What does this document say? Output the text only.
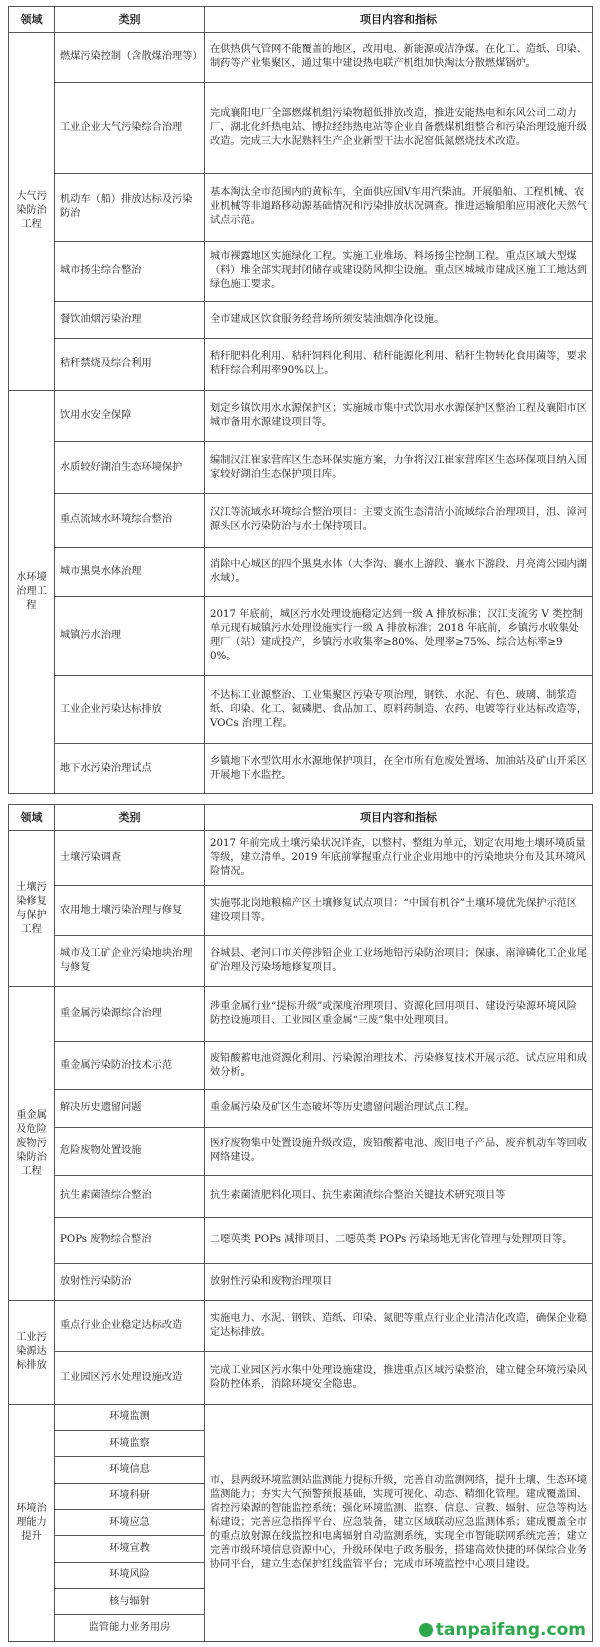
领域	类别	项目内容和指标
大气污染防治工程	燃煤污染控制（含散煤治理等）	在供热供气管网不能覆盖的地区，改用电、新能源或洁净煤。在化工、造纸、印染、制药等产业集聚区，通过集中建设热电联产机组加快淘汰分散燃煤锅炉。
	工业企业大气污染综合治理	完成襄阳电厂全部燃煤机组污染物超低排放改造，推进安能热电和东风公司二动力厂、湖北化纤热电站、博拉经纬热电站等企业自备燃煤机组整合和污染治理设施升级改造。完成三大水泥熟料生产企业新型干法水泥窑低氮燃烧技术改造。
	机动车（船）排放达标及污染防治	基本淘汰全市范围内的黄标车，全面供应国Ⅴ车用汽柴油。开展船舶、工程机械、农业机械等非道路移动源基础情况和污染排放状况调查。推进运输船舶应用液化天然气试点示范。
	城市扬尘综合整治	城市裸露地区实施绿化工程。实施工业堆场、料场扬尘控制工程。重点区域大型煤（料）堆全部实现封闭储存或建设防风抑尘设施。重点区城城市建成区施工工地达到绿色施工要求。
	餐饮油烟污染治理	全市建成区饮食服务经营场所须安装油烟净化设施。
	秸秆禁烧及综合利用	秸秆肥料化利用、秸秆饲料化利用、秸秆能源化利用、秸秆生物转化食用菌等，要求秸秆综合利用率90%以上。
水环境治理工程	饮用水安全保障	划定乡镇饮用水水源保护区；实施城市集中式饮用水水源保护区整治工程及襄阳市区城市备用水源建设项目等。
	水质较好湖泊生态环境保护	编制汉江崔家营库区生态环保实施方案，力争将汉江崔家营库区生态环保项目纳入国家较好湖泊生态保护项目库。
	重点流域水环境综合整治	汉江等流域水环境综合整治项目：主要支流生态清洁小流域综合治理项目，沮、漳河源头区水污染防治与水土保持项目。
	城市黑臭水体治理	消除中心城区的四个黑臭水体（大李沟、襄水上游段、襄水下游段、月亮湾公园内湖水域）。
	城镇污水治理	2017 年底前，城区污水处理设施稳定达到一级 A 排放标准；汉江支流劣 V 类控制单元现有城镇污水处理设施实行一级 A 排放标准；2018 年底前，乡镇污水收集处理厂（站）建成投产，乡镇污水收集率≥80%、处理率≥75%、综合达标率≥90%。
	工业企业污染达标排放	不达标工业源整治、工业集聚区污染专项治理，钢铁、水泥、有色、玻璃、制浆造纸、印染、化工、氮磷肥、食品加工、原料药制造、农药、电镀等行业达标改造等，VOCs 治理工程。
	地下水污染治理试点	乡镇地下水型饮用水水源地保护项目，在全市所有危废处置场、加油站及矿山开采区开展地下水监控。
领域	类别	项目内容和指标
土壤污染修复与保护工程	土壤污染调查	2017 年前完成土壤污染状况详查，以整村、整组为单元，划定农用地土壤环境质量等级，建立清单。2019 年底前掌握重点行业企业用地中的污染地块分布及其环境风险情况。
	农用地土壤污染治理与修复	实施鄂北岗地粮棉产区土壤修复试点项目：“中国有机谷”土壤环境优先保护示范区建设项目等。
	城市及工矿企业污染地块治理与修复	谷城县、老河口市关停涉铅企业工业场地铅污染防治项目；保康、南漳磷化工企业尾矿治理及污染场地修复项目。
重金属及危险废物污染防治工程	重金属污染源综合治理	涉重金属行业“提标升级”或深度治理项目、资源化回用项目、建设污染源环境风险防控设施项目、工业园区重金属“三废”集中处理项目。
	重金属污染防治技术示范	废铅酸蓄电池资源化利用、污染源治理技术、污染修复技术开展示范、试点应用和成效分析。
	解决历史遗留问题	重金属污染及矿区生态破坏等历史遗留问题治理试点工程。
	危险废物处置设施	医疗废物集中处置设施升级改造，废铅酸蓄电池、废旧电子产品、废弃机动车等回收网络建设。
	抗生素菌渣综合整治	抗生素菌渣肥料化项目、抗生素菌渣综合整治关键技术研究项目等
	POPs 废物综合整治	二噁英类 POPs 减排项目、二噁英类 POPs 污染场地无害化管理与处理项目等。
	放射性污染防治	放射性污染和废物治理项目
工业污染源达标排放	重点行业企业稳定达标改造	实施电力、水泥、钢铁、造纸、印染、氮肥等重点行业企业清洁化改造，确保企业稳定达标排放。
	工业园区污水处理设施改造	完成工业园区污水集中处理设施建设，推进重点区域污染整治，建立健全环境污染风险防控体系，消除环境安全隐患。
环境治理能力提升	环境监测	市、县两级环境监测站监测能力提标升级，完善自动监测网络，提升土壤、生态环境监测能力；夯实大气预警预报基础，实现可视化、动态、精细化管理。建成覆盖国、省控污染源的智能监控系统；强化环境监测、监察、信息、宣教、辐射、应急等构达标建设；完善应急指挥平台、应急装备，建立区域联动应急监测体系；建成覆盖全市的重点放射源在线监控和电离辐射自动监测系统，实现全市智能联网系统完善；建立完善市级环境信息资源中心，升级环保电子政务服务，搭建高效快捷的环保综合业务协同平台，建立生态保护红线监管平台；完成市环境监控中心项目建设。
	环境监察	
	环境信息	
	环境科研	
	环境应急	
	环境宣教	
	环境风险	
	核与辐射	
	监管能力业务用房		tanpaifang.com
